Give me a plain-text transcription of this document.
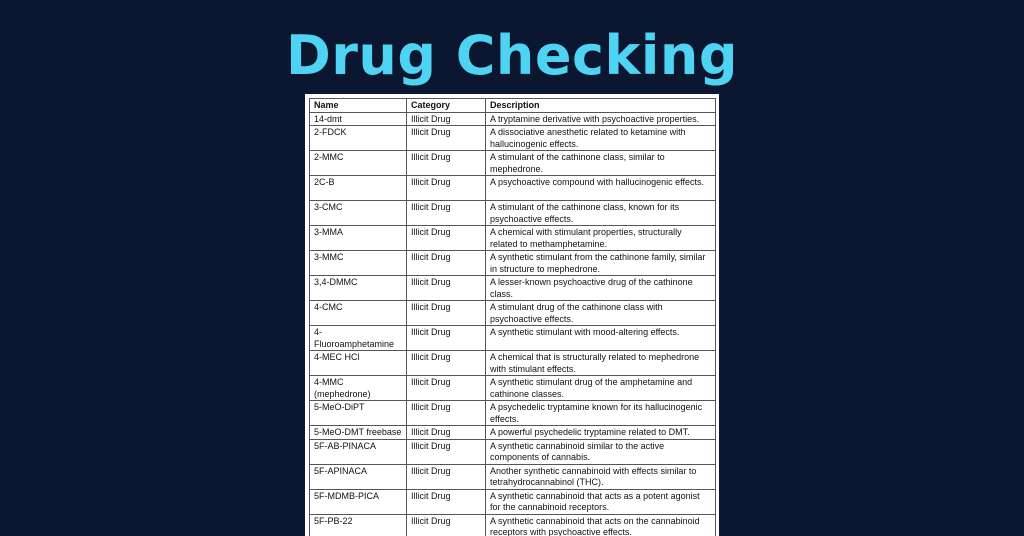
Drug Checking
Name	Category	Description
14-dmt	Illicit Drug	A tryptamine derivative with psychoactive properties.
2-FDCK	Illicit Drug	A dissociative anesthetic related to ketamine with hallucinogenic effects.
2-MMC	Illicit Drug	A stimulant of the cathinone class, similar to mephedrone.
2C-B	Illicit Drug	A psychoactive compound with hallucinogenic effects.
3-CMC	Illicit Drug	A stimulant of the cathinone class, known for its psychoactive effects.
3-MMA	Illicit Drug	A chemical with stimulant properties, structurally related to methamphetamine.
3-MMC	Illicit Drug	A synthetic stimulant from the cathinone family, similar in structure to mephedrone.
3,4-DMMC	Illicit Drug	A lesser-known psychoactive drug of the cathinone class.
4-CMC	Illicit Drug	A stimulant drug of the cathinone class with psychoactive effects.
4-Fluoroamphetamine	Illicit Drug	A synthetic stimulant with mood-altering effects.
4-MEC HCl	Illicit Drug	A chemical that is structurally related to mephedrone with stimulant effects.
4-MMC (mephedrone)	Illicit Drug	A synthetic stimulant drug of the amphetamine and cathinone classes.
5-MeO-DiPT	Illicit Drug	A psychedelic tryptamine known for its hallucinogenic effects.
5-MeO-DMT freebase	Illicit Drug	A powerful psychedelic tryptamine related to DMT.
5F-AB-PINACA	Illicit Drug	A synthetic cannabinoid similar to the active components of cannabis.
5F-APINACA	Illicit Drug	Another synthetic cannabinoid with effects similar to tetrahydrocannabinol (THC).
5F-MDMB-PICA	Illicit Drug	A synthetic cannabinoid that acts as a potent agonist for the cannabinoid receptors.
5F-PB-22	Illicit Drug	A synthetic cannabinoid that acts on the cannabinoid receptors with psychoactive effects.
